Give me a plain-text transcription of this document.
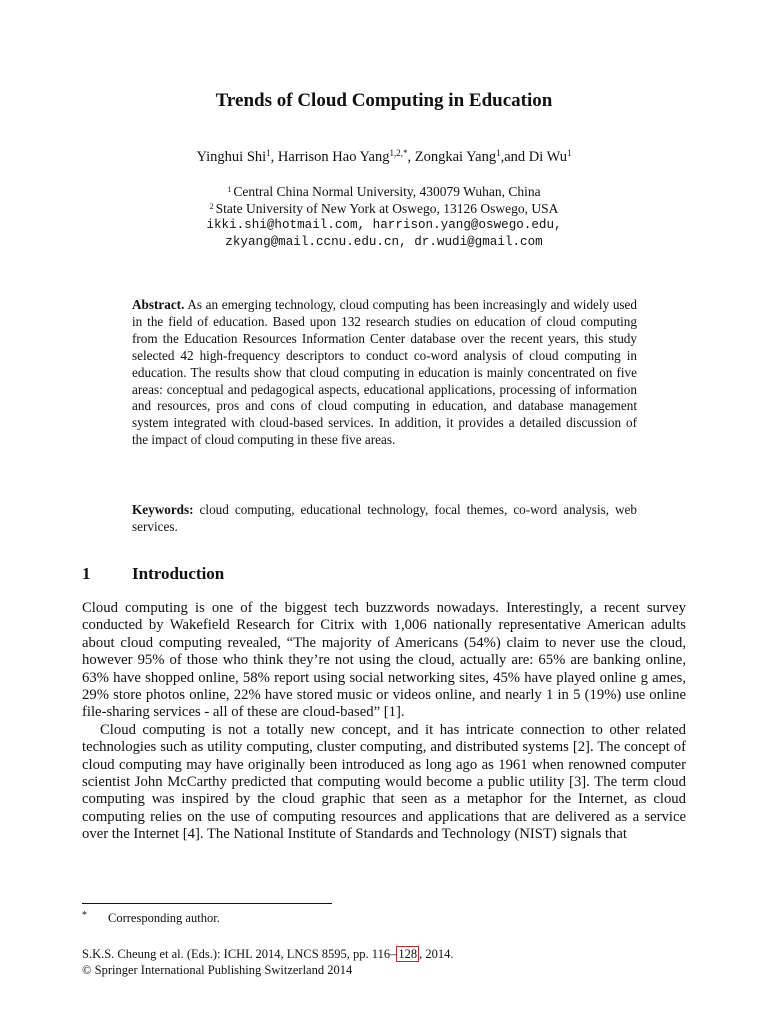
Trends of Cloud Computing in Education
Yinghui Shi$^1$, Harrison Hao Yang$^{1,2,*}$, Zongkai Yang$^1$,and Di Wu$^1$
$^1$ Central China Normal University, 430079 Wuhan, China
$^2$ State University of New York at Oswego, 13126 Oswego, USA
ikki.shi@hotmail.com, harrison.yang@oswego.edu,
zkyang@mail.ccnu.edu.cn, dr.wudi@gmail.com

Abstract. As an emerging technology, cloud computing has been increasingly and widely used in the field of education. Based upon 132 research studies on education of cloud computing from the Education Resources Information Center database over the recent years, this study selected 42 high-frequency descriptors to conduct co-word analysis of cloud computing in education. The results show that cloud computing in education is mainly concentrated on five areas: conceptual and pedagogical aspects, educational applications, processing of information and resources, pros and cons of cloud computing in education, and database management system integrated with cloud-based services. In addition, it provides a detailed discussion of the impact of cloud computing in these five areas.

Keywords: cloud computing, educational technology, focal themes, co-word analysis, web services.

1 Introduction

Cloud computing is one of the biggest tech buzzwords nowadays. Interestingly, a recent survey conducted by Wakefield Research for Citrix with 1,006 nationally representative American adults about cloud computing revealed, “The majority of Americans (54%) claim to never use the cloud, however 95% of those who think they’re not using the cloud, actually are: 65% are banking online, 63% have shopped online, 58% report using social networking sites, 45% have played online g ames, 29% store photos online, 22% have stored music or videos online, and nearly 1 in 5 (19%) use online file-sharing services - all of these are cloud-based” [1].

Cloud computing is not a totally new concept, and it has intricate connection to other related technologies such as utility computing, cluster computing, and distributed systems [2]. The concept of cloud computing may have originally been introduced as long ago as 1961 when renowned computer scientist John McCarthy predicted that computing would become a public utility [3]. The term cloud computing was inspired by the cloud graphic that seen as a metaphor for the Internet, as cloud computing relies on the use of computing resources and applications that are delivered as a service over the Internet [4]. The National Institute of Standards and Technology (NIST) signals that

* Corresponding author.
S.K.S. Cheung et al. (Eds.): ICHL 2014, LNCS 8595, pp. 116– 128 , 2014.
© Springer International Publishing Switzerland 2014
